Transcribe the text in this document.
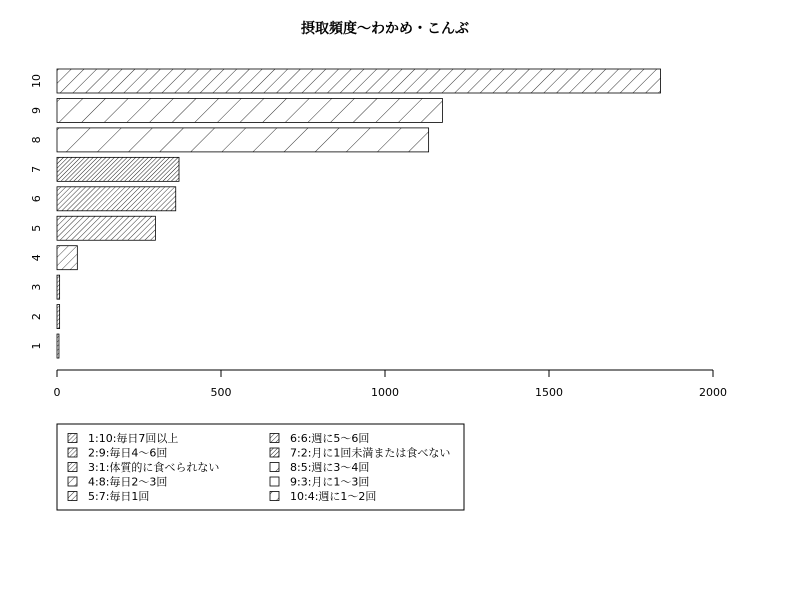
摂取頻度～わかめ・こんぶ
1
2
3
4
5
6
7
8
9
10
0	500	1000	1500	2000
1:10:毎日7回以上
2:9:毎日4～6回
3:1:体質的に食べられない
4:8:毎日2～3回
5:7:毎日1回
6:6:週に5～6回
7:2:月に1回未満または食べない
8:5:週に3～4回
9:3:月に1～3回
10:4:週に1～2回
